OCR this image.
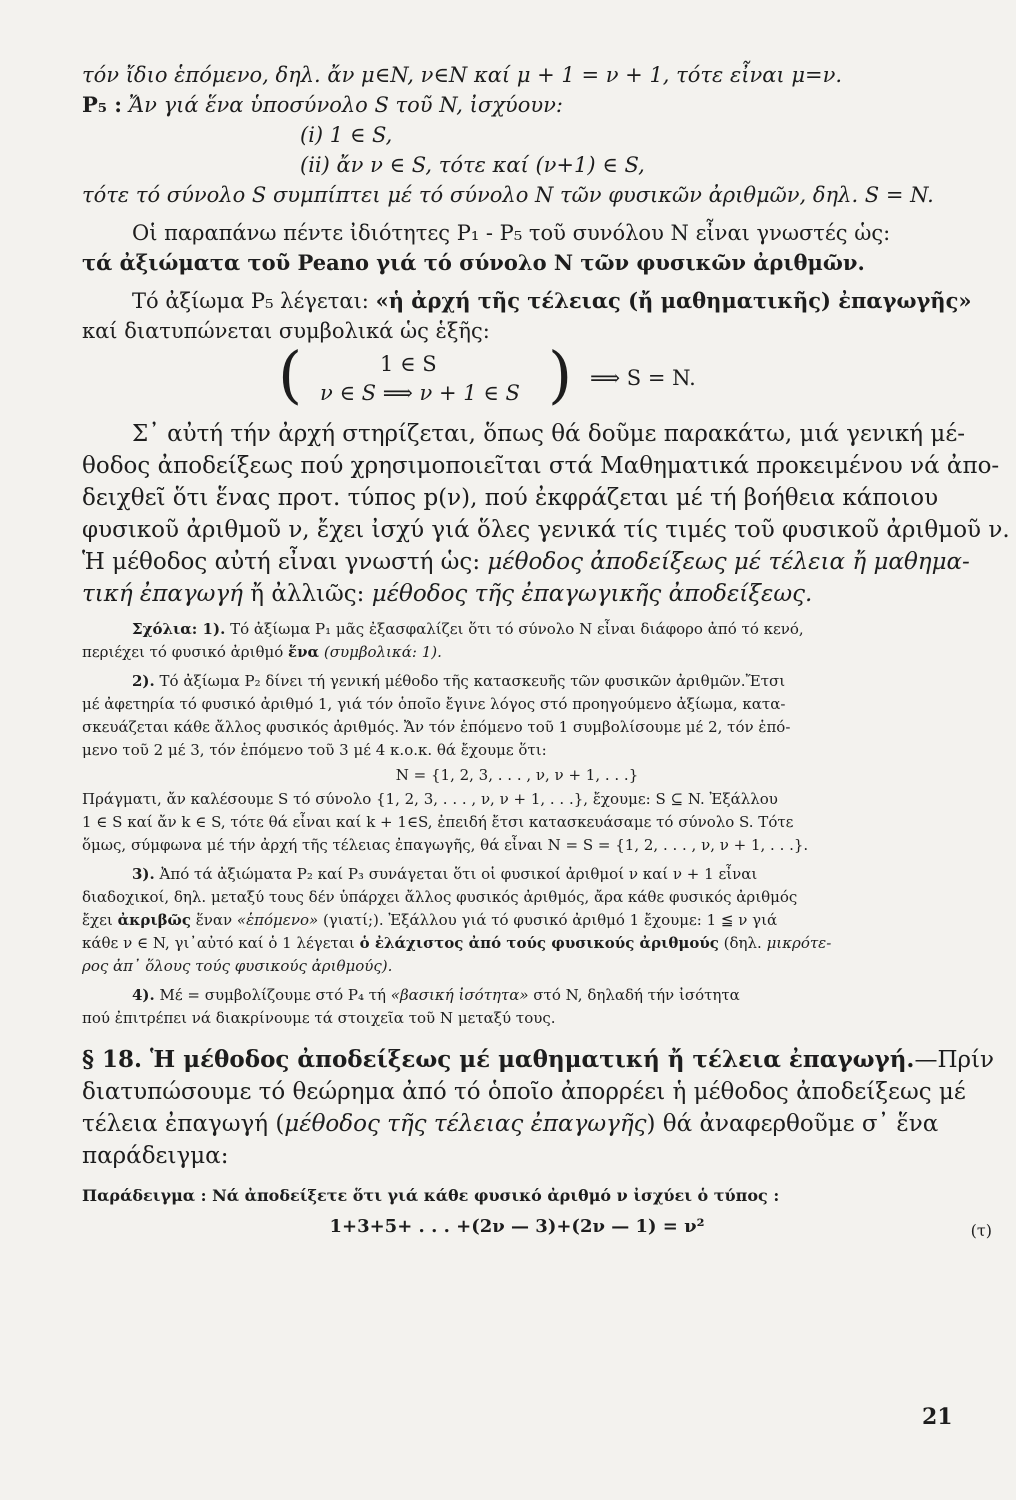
τόν ἴδιο ἑπόμενο, δηλ. ἄν μ∈N, ν∈N καί μ + 1 = ν + 1, τότε εἶναι μ=ν.

P₅ : Ἄν γιά ἕνα ὑποσύνολο S τοῦ N, ἰσχύουν:

(i) 1 ∈ S,

(ii) ἄν ν ∈ S, τότε καί (ν+1) ∈ S,

τότε τό σύνολο S συμπίπτει μέ τό σύνολο N τῶν φυσικῶν ἀριθμῶν, δηλ. S = N.

Οἱ παραπάνω πέντε ἰδιότητες P₁ - P₅ τοῦ συνόλου N εἶναι γνωστές ὡς:

τά ἀξιώματα τοῦ Peano γιά τό σύνολο N τῶν φυσικῶν ἀριθμῶν.

Τό ἀξίωμα P₅ λέγεται: «ἡ ἀρχή τῆς τέλειας (ἤ μαθηματικῆς) ἐπαγωγῆς»

καί διατυπώνεται συμβολικά ὡς ἑξῆς:

(	1 ∈ S
ν ∈ S ⟹ ν + 1 ∈ S ) ⟹ S = N.

Σ᾿ αὐτή τήν ἀρχή στηρίζεται, ὅπως θά δοῦμε παρακάτω, μιά γενική μέ-

θοδος ἀποδείξεως πού χρησιμοποιεῖται στά Μαθηματικά προκειμένου νά ἀπο-

δειχθεῖ ὅτι ἕνας προτ. τύπος p(ν), πού ἐκφράζεται μέ τή βοήθεια κάποιου

φυσικοῦ ἀριθμοῦ ν, ἔχει ἰσχύ γιά ὅλες γενικά τίς τιμές τοῦ φυσικοῦ ἀριθμοῦ ν.

Ἡ μέθοδος αὐτή εἶναι γνωστή ὡς: μέθοδος ἀποδείξεως μέ τέλεια ἤ μαθημα-

τική ἐπαγωγή ἤ ἀλλιῶς: μέθοδος τῆς ἐπαγωγικῆς ἀποδείξεως.

Σχόλια: 1). Τό ἀξίωμα P₁ μᾶς ἐξασφαλίζει ὅτι τό σύνολο N εἶναι διάφορο ἀπό τό κενό,

περιέχει τό φυσικό ἀριθμό ἕνα (συμβολικά: 1).

2). Τό ἀξίωμα P₂ δίνει τή γενική μέθοδο τῆς κατασκευῆς τῶν φυσικῶν ἀριθμῶν.Ἔτσι

μέ ἀφετηρία τό φυσικό ἀριθμό 1, γιά τόν ὁποῖο ἔγινε λόγος στό προηγούμενο ἀξίωμα, κατα-

σκευάζεται κάθε ἄλλος φυσικός ἀριθμός. Ἄν τόν ἑπόμενο τοῦ 1 συμβολίσουμε μέ 2, τόν ἑπό-

μενο τοῦ 2 μέ 3, τόν ἑπόμενο τοῦ 3 μέ 4 κ.ο.κ. θά ἔχουμε ὅτι:

N = {1, 2, 3, . . . , ν, ν + 1, . . .}

Πράγματι, ἄν καλέσουμε S τό σύνολο {1, 2, 3, . . . , ν, ν + 1, . . .}, ἔχουμε: S ⊆ N. Ἐξάλλου

1 ∈ S καί ἄν k ∈ S, τότε θά εἶναι καί k + 1∈S, ἐπειδή ἔτσι κατασκευάσαμε τό σύνολο S. Τότε

ὅμως, σύμφωνα μέ τήν ἀρχή τῆς τέλειας ἐπαγωγῆς, θά εἶναι N = S = {1, 2, . . . , ν, ν + 1, . . .}.

3). Ἀπό τά ἀξιώματα P₂ καί P₃ συνάγεται ὅτι οἱ φυσικοί ἀριθμοί ν καί ν + 1 εἶναι

διαδοχικοί, δηλ. μεταξύ τους δέν ὑπάρχει ἄλλος φυσικός ἀριθμός, ἄρα κάθε φυσικός ἀριθμός

ἔχει ἀκριβῶς ἕναν «ἑπόμενο» (γιατί;). Ἐξάλλου γιά τό φυσικό ἀριθμό 1 ἔχουμε: 1 ≦ ν γιά

κάθε ν ∈ N, γι᾿αὐτό καί ὁ 1 λέγεται ὁ ἐλάχιστος ἀπό τούς φυσικούς ἀριθμούς (δηλ. μικρότε-

ρος ἀπ᾿ ὅλους τούς φυσικούς ἀριθμούς).

4). Μέ = συμβολίζουμε στό P₄ τή «βασική ἰσότητα» στό N, δηλαδή τήν ἰσότητα

πού ἐπιτρέπει νά διακρίνουμε τά στοιχεῖα τοῦ N μεταξύ τους.

§ 18. Ἡ μέθοδος ἀποδείξεως μέ μαθηματική ἤ τέλεια ἐπαγωγή.—Πρίν

διατυπώσουμε τό θεώρημα ἀπό τό ὁποῖο ἀπορρέει ἡ μέθοδος ἀποδείξεως μέ

τέλεια ἐπαγωγή (μέθοδος τῆς τέλειας ἐπαγωγῆς) θά ἀναφερθοῦμε σ᾿ ἕνα

παράδειγμα:

Παράδειγμα : Νά ἀποδείξετε ὅτι γιά κάθε φυσικό ἀριθμό ν ἰσχύει ὁ τύπος :

1+3+5+ . . . +(2ν — 3)+(2ν — 1) = ν²	(τ)
21
